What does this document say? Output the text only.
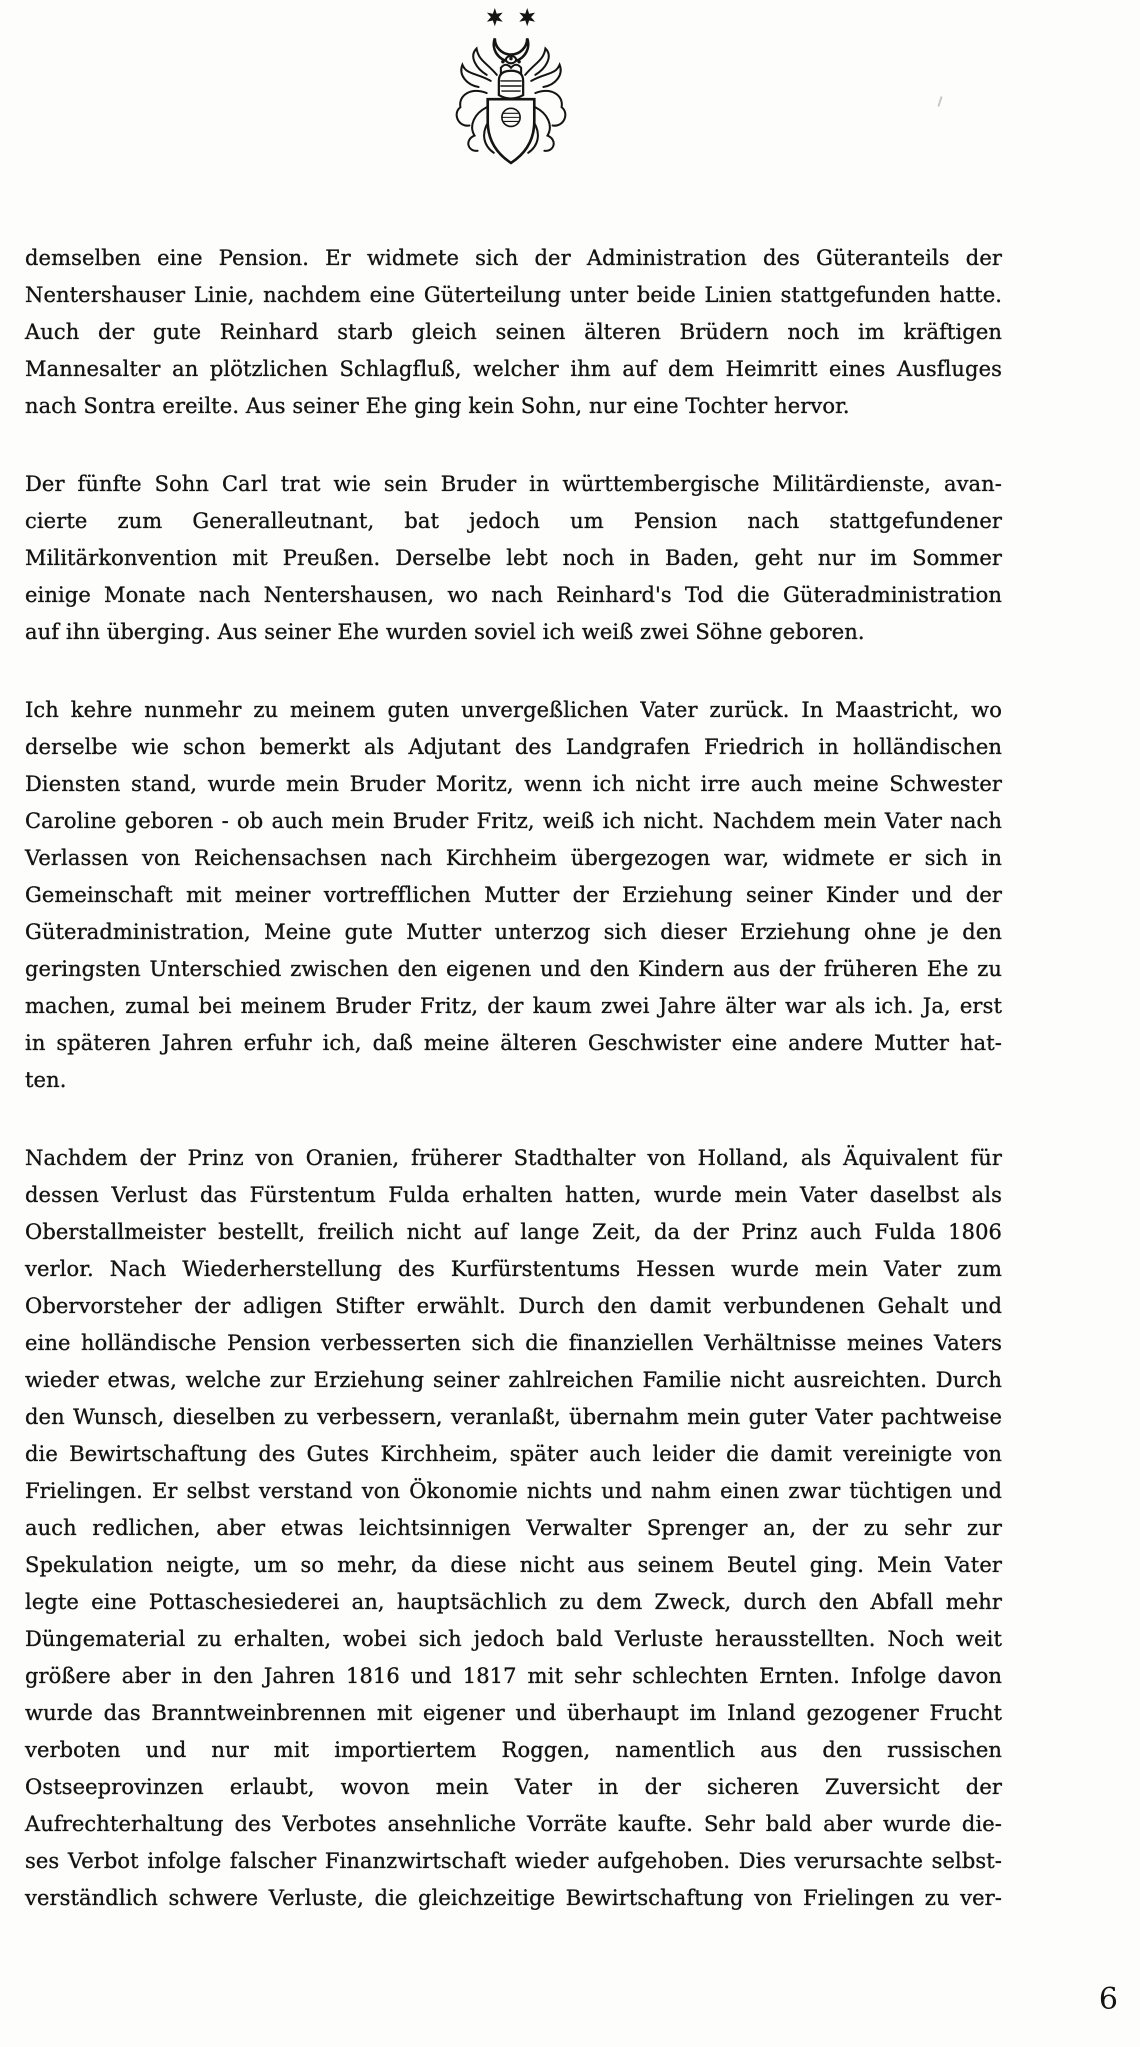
demselben eine Pension. Er widmete sich der Administration des Güteranteils der
Nentershauser Linie, nachdem eine Güterteilung unter beide Linien stattgefunden hatte.
Auch der gute Reinhard starb gleich seinen älteren Brüdern noch im kräftigen
Mannesalter an plötzlichen Schlagfluß, welcher ihm auf dem Heimritt eines Ausfluges
nach Sontra ereilte. Aus seiner Ehe ging kein Sohn, nur eine Tochter hervor.
Der fünfte Sohn Carl trat wie sein Bruder in württembergische Militärdienste, avan-
cierte zum Generalleutnant, bat jedoch um Pension nach stattgefundener
Militärkonvention mit Preußen. Derselbe lebt noch in Baden, geht nur im Sommer
einige Monate nach Nentershausen, wo nach Reinhard's Tod die Güteradministration
auf ihn überging. Aus seiner Ehe wurden soviel ich weiß zwei Söhne geboren.
Ich kehre nunmehr zu meinem guten unvergeßlichen Vater zurück. In Maastricht, wo
derselbe wie schon bemerkt als Adjutant des Landgrafen Friedrich in holländischen
Diensten stand, wurde mein Bruder Moritz, wenn ich nicht irre auch meine Schwester
Caroline geboren - ob auch mein Bruder Fritz, weiß ich nicht. Nachdem mein Vater nach
Verlassen von Reichensachsen nach Kirchheim übergezogen war, widmete er sich in
Gemeinschaft mit meiner vortrefflichen Mutter der Erziehung seiner Kinder und der
Güteradministration, Meine gute Mutter unterzog sich dieser Erziehung ohne je den
geringsten Unterschied zwischen den eigenen und den Kindern aus der früheren Ehe zu
machen, zumal bei meinem Bruder Fritz, der kaum zwei Jahre älter war als ich. Ja, erst
in späteren Jahren erfuhr ich, daß meine älteren Geschwister eine andere Mutter hat-
ten.
Nachdem der Prinz von Oranien, früherer Stadthalter von Holland, als Äquivalent für
dessen Verlust das Fürstentum Fulda erhalten hatten, wurde mein Vater daselbst als
Oberstallmeister bestellt, freilich nicht auf lange Zeit, da der Prinz auch Fulda 1806
verlor. Nach Wiederherstellung des Kurfürstentums Hessen wurde mein Vater zum
Obervorsteher der adligen Stifter erwählt. Durch den damit verbundenen Gehalt und
eine holländische Pension verbesserten sich die finanziellen Verhältnisse meines Vaters
wieder etwas, welche zur Erziehung seiner zahlreichen Familie nicht ausreichten. Durch
den Wunsch, dieselben zu verbessern, veranlaßt, übernahm mein guter Vater pachtweise
die Bewirtschaftung des Gutes Kirchheim, später auch leider die damit vereinigte von
Frielingen. Er selbst verstand von Ökonomie nichts und nahm einen zwar tüchtigen und
auch redlichen, aber etwas leichtsinnigen Verwalter Sprenger an, der zu sehr zur
Spekulation neigte, um so mehr, da diese nicht aus seinem Beutel ging. Mein Vater
legte eine Pottaschesiederei an, hauptsächlich zu dem Zweck, durch den Abfall mehr
Düngematerial zu erhalten, wobei sich jedoch bald Verluste herausstellten. Noch weit
größere aber in den Jahren 1816 und 1817 mit sehr schlechten Ernten. Infolge davon
wurde das Branntweinbrennen mit eigener und überhaupt im Inland gezogener Frucht
verboten und nur mit importiertem Roggen, namentlich aus den russischen
Ostseeprovinzen erlaubt, wovon mein Vater in der sicheren Zuversicht der
Aufrechterhaltung des Verbotes ansehnliche Vorräte kaufte. Sehr bald aber wurde die-
ses Verbot infolge falscher Finanzwirtschaft wieder aufgehoben. Dies verursachte selbst-
verständlich schwere Verluste, die gleichzeitige Bewirtschaftung von Frielingen zu ver-
6
